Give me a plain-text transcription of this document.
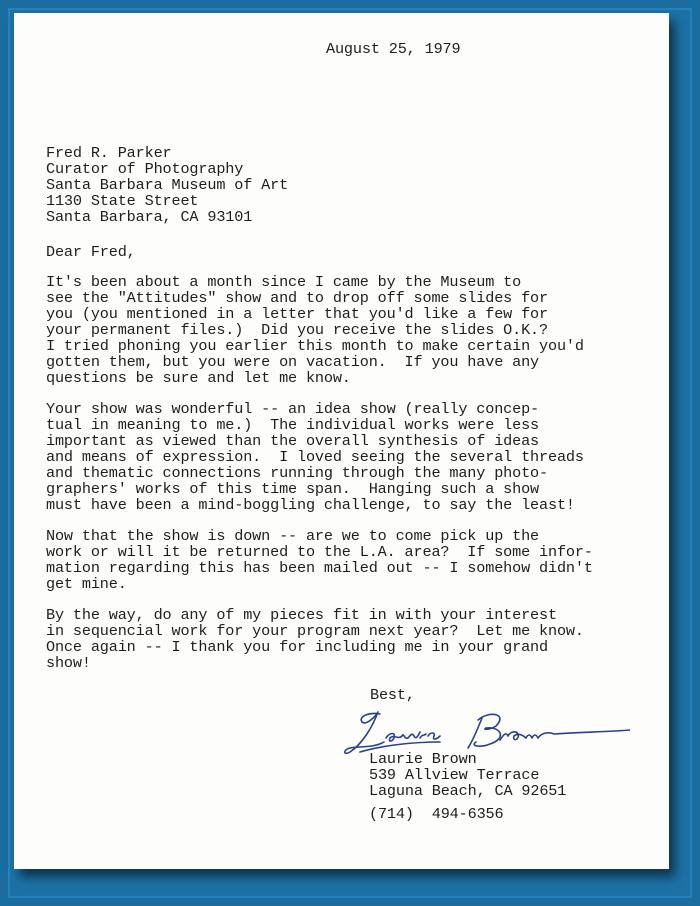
August 25, 1979
Fred R. Parker
Curator of Photography
Santa Barbara Museum of Art
1130 State Street
Santa Barbara, CA 93101
Dear Fred,
It's been about a month since I came by the Museum to
see the "Attitudes" show and to drop off some slides for
you (you mentioned in a letter that you'd like a few for
your permanent files.)  Did you receive the slides O.K.?
I tried phoning you earlier this month to make certain you'd
gotten them, but you were on vacation.  If you have any
questions be sure and let me know.
Your show was wonderful -- an idea show (really concep-
tual in meaning to me.)  The individual works were less
important as viewed than the overall synthesis of ideas
and means of expression.  I loved seeing the several threads
and thematic connections running through the many photo-
graphers' works of this time span.  Hanging such a show
must have been a mind-boggling challenge, to say the least!
Now that the show is down -- are we to come pick up the
work or will it be returned to the L.A. area?  If some infor-
mation regarding this has been mailed out -- I somehow didn't
get mine.
By the way, do any of my pieces fit in with your interest
in sequencial work for your program next year?  Let me know.
Once again -- I thank you for including me in your grand
show!
Best,
Laurie Brown
539 Allview Terrace
Laguna Beach, CA 92651
(714)  494-6356
